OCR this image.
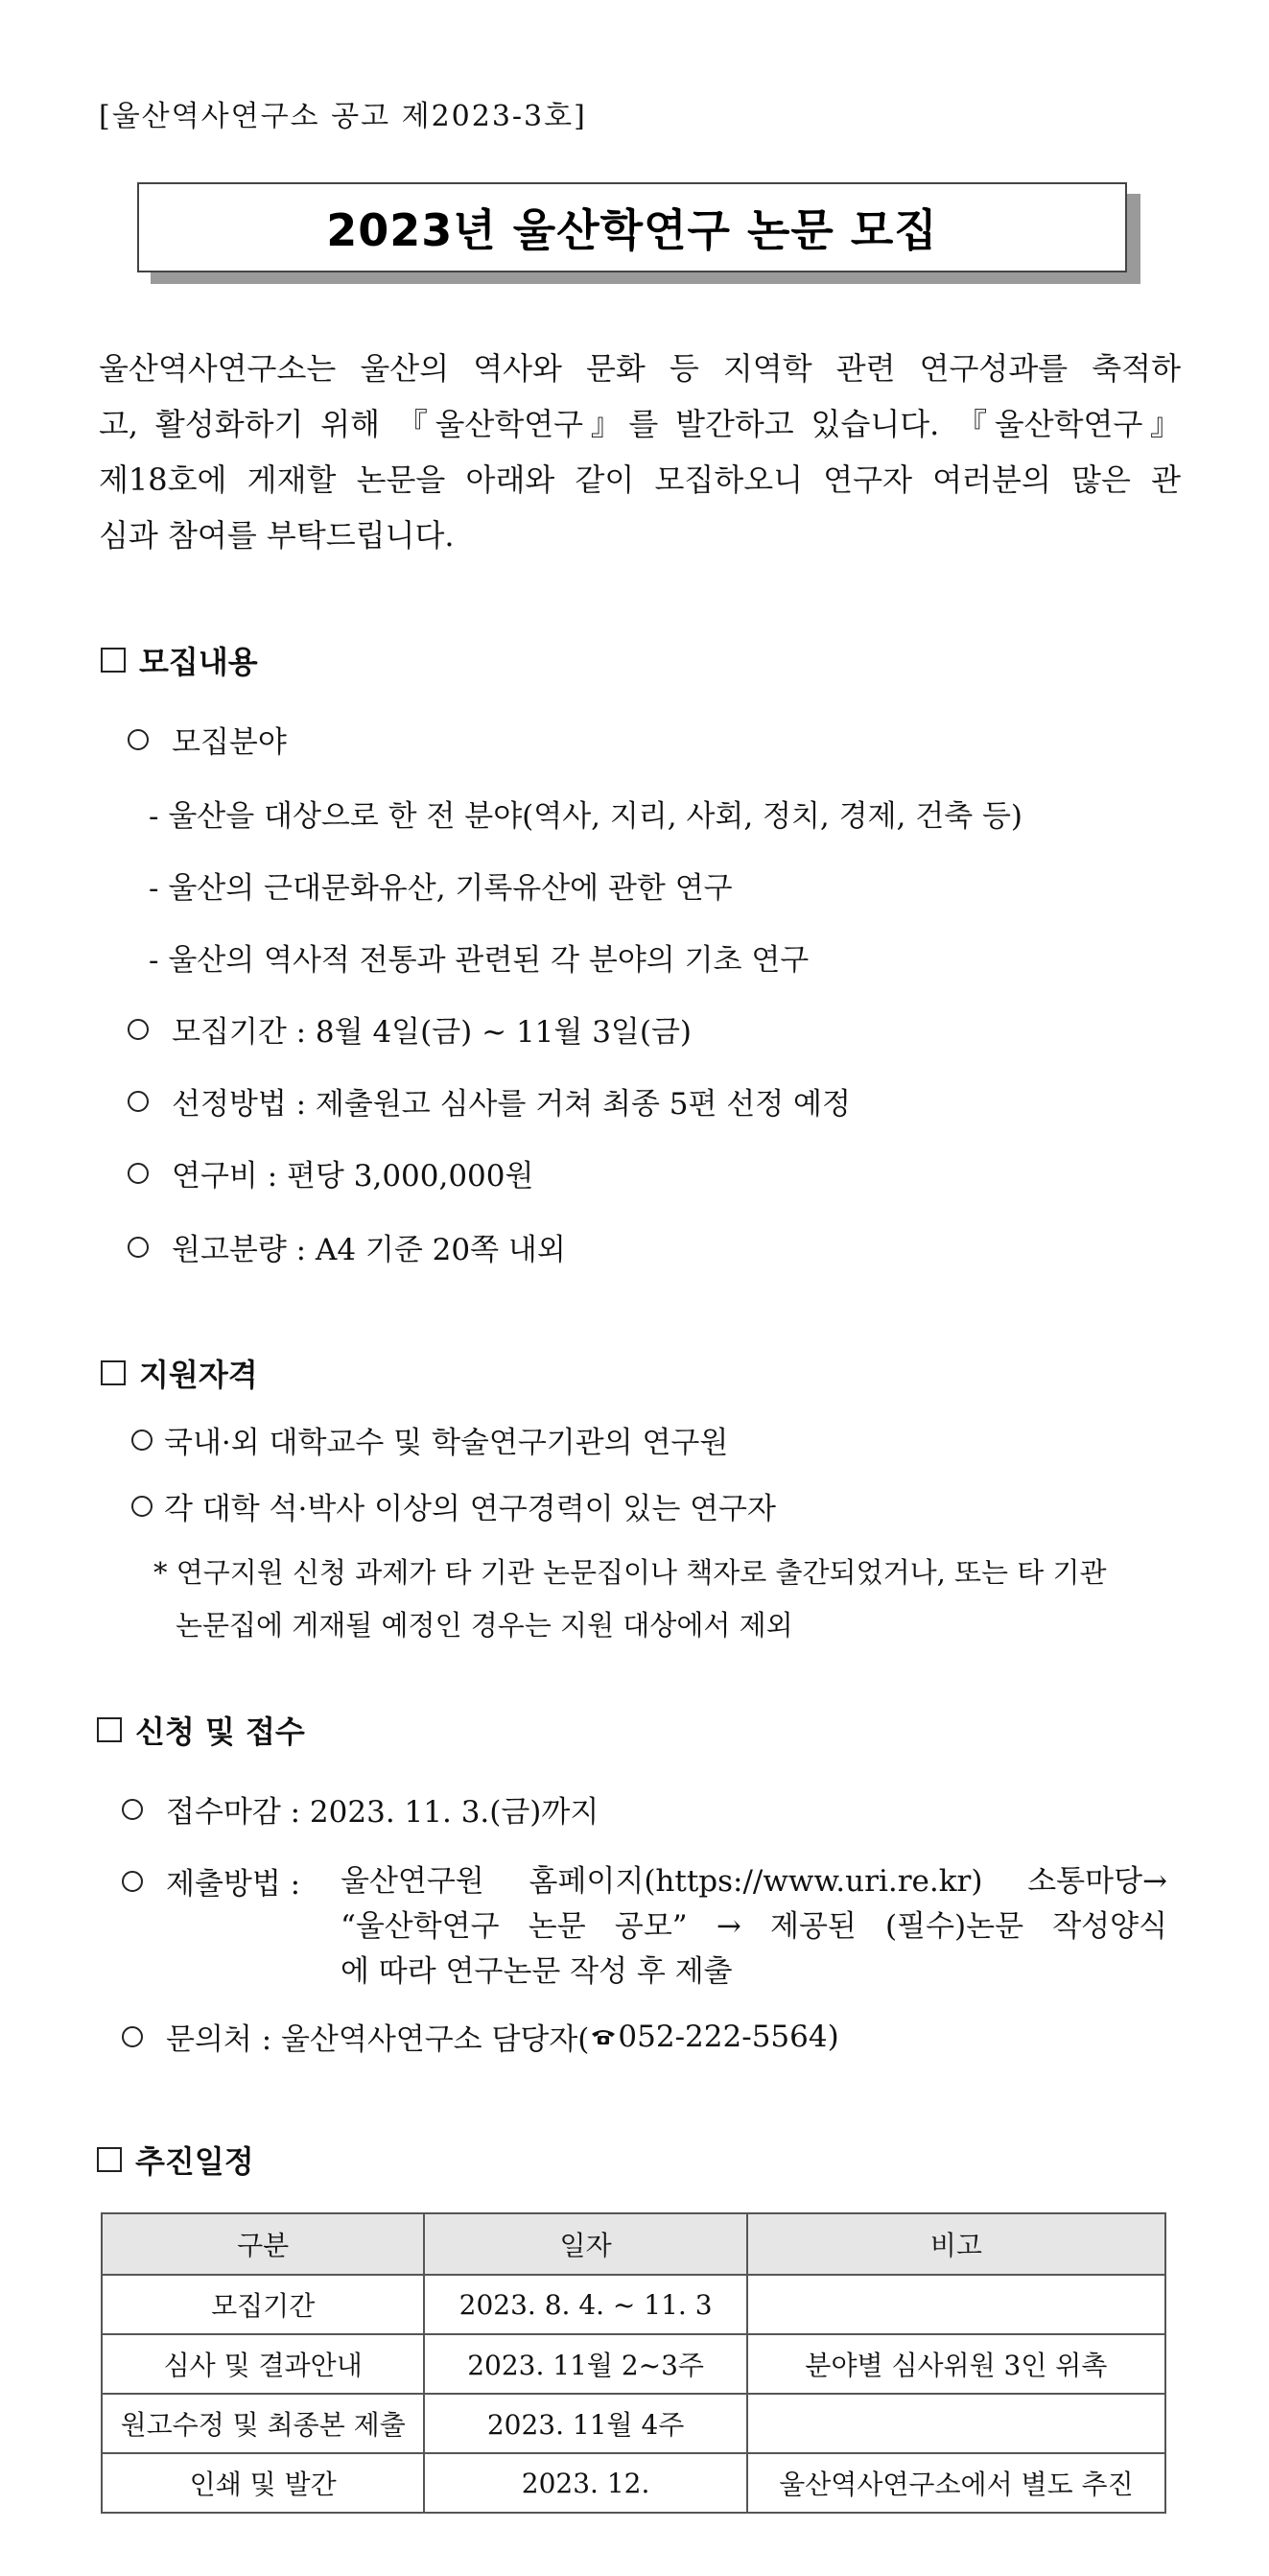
[울산역사연구소 공고 제2023-3호]
2023년 울산학연구 논문 모집
울산역사연구소는 울산의 역사와 문화 등 지역학 관련 연구성과를 축적하
고, 활성화하기 위해 『울산학연구』를 발간하고 있습니다. 『울산학연구』
제18호에 게재할 논문을 아래와 같이 모집하오니 연구자 여러분의 많은 관
심과 참여를 부탁드립니다.
모집내용
모집분야
- 울산을 대상으로 한 전 분야(역사, 지리, 사회, 정치, 경제, 건축 등)
- 울산의 근대문화유산, 기록유산에 관한 연구
- 울산의 역사적 전통과 관련된 각 분야의 기초 연구
모집기간 : 8월 4일(금) ~ 11월 3일(금)
선정방법 : 제출원고 심사를 거쳐 최종 5편 선정 예정
연구비 : 편당 3,000,000원
원고분량 : A4 기준 20쪽 내외
지원자격
국내·외 대학교수 및 학술연구기관의 연구원
각 대학 석·박사 이상의 연구경력이 있는 연구자
* 연구지원 신청 과제가 타 기관 논문집이나 책자로 출간되었거나, 또는 타 기관
논문집에 게재될 예정인 경우는 지원 대상에서 제외
신청 및 접수
접수마감 : 2023. 11. 3.(금)까지
제출방법 : 울산연구원 홈페이지(https://www.uri.re.kr) 소통마당→
“울산학연구 논문 공모” → 제공된 (필수)논문 작성양식
에 따라 연구논문 작성 후 제출
문의처 : 울산역사연구소 담당자( 052-222-5564)
추진일정
구분	일자	비고
모집기간	2023. 8. 4. ~ 11. 3	
심사 및 결과안내	2023. 11월 2~3주	분야별 심사위원 3인 위촉
원고수정 및 최종본 제출	2023. 11월 4주	
인쇄 및 발간	2023. 12.	울산역사연구소에서 별도 추진
